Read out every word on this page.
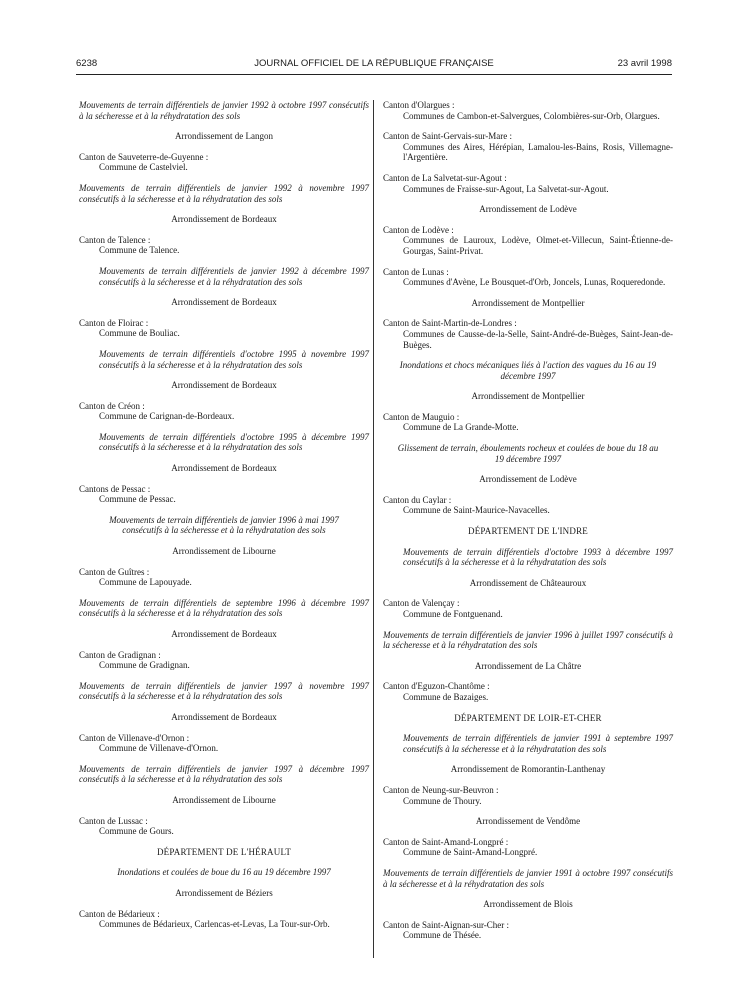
6238	JOURNAL OFFICIEL DE LA RÉPUBLIQUE FRANÇAISE	23 avril 1998

Mouvements de terrain différentiels de janvier 1992 à octobre 1997 consécutifs à la sécheresse et à la réhydratation des sols

Arrondissement de Langon

Canton de Sauveterre-de-Guyenne :

Commune de Castelviel.

Mouvements de terrain différentiels de janvier 1992 à novembre 1997 consécutifs à la sécheresse et à la réhydratation des sols

Arrondissement de Bordeaux

Canton de Talence :

Commune de Talence.

Mouvements de terrain différentiels de janvier 1992 à décembre 1997 consécutifs à la sécheresse et à la réhydratation des sols

Arrondissement de Bordeaux

Canton de Floirac :

Commune de Bouliac.

Mouvements de terrain différentiels d'octobre 1995 à novembre 1997 consécutifs à la sécheresse et à la réhydratation des sols

Arrondissement de Bordeaux

Canton de Créon :

Commune de Carignan-de-Bordeaux.

Mouvements de terrain différentiels d'octobre 1995 à décembre 1997 consécutifs à la sécheresse et à la réhydratation des sols

Arrondissement de Bordeaux

Cantons de Pessac :

Commune de Pessac.

Mouvements de terrain différentiels de janvier 1996 à mai 1997 consécutifs à la sécheresse et à la réhydratation des sols

Arrondissement de Libourne

Canton de Guîtres :

Commune de Lapouyade.

Mouvements de terrain différentiels de septembre 1996 à décembre 1997 consécutifs à la sécheresse et à la réhydratation des sols

Arrondissement de Bordeaux

Canton de Gradignan :

Commune de Gradignan.

Mouvements de terrain différentiels de janvier 1997 à novembre 1997 consécutifs à la sécheresse et à la réhydratation des sols

Arrondissement de Bordeaux

Canton de Villenave-d'Ornon :

Commune de Villenave-d'Ornon.

Mouvements de terrain différentiels de janvier 1997 à décembre 1997 consécutifs à la sécheresse et à la réhydratation des sols

Arrondissement de Libourne

Canton de Lussac :

Commune de Gours.

DÉPARTEMENT DE L'HÉRAULT

Inondations et coulées de boue du 16 au 19 décembre 1997

Arrondissement de Béziers

Canton de Bédarieux :

Communes de Bédarieux, Carlencas-et-Levas, La Tour-sur-Orb.

Canton d'Olargues :

Communes de Cambon-et-Salvergues, Colombières-sur-Orb, Olargues.

Canton de Saint-Gervais-sur-Mare :

Communes des Aires, Hérépian, Lamalou-les-Bains, Rosis, Villemagne-l'Argentière.

Canton de La Salvetat-sur-Agout :

Communes de Fraisse-sur-Agout, La Salvetat-sur-Agout.

Arrondissement de Lodève

Canton de Lodève :

Communes de Lauroux, Lodève, Olmet-et-Villecun, Saint-Étienne-de-Gourgas, Saint-Privat.

Canton de Lunas :

Communes d'Avène, Le Bousquet-d'Orb, Joncels, Lunas, Roqueredonde.

Arrondissement de Montpellier

Canton de Saint-Martin-de-Londres :

Communes de Causse-de-la-Selle, Saint-André-de-Buèges, Saint-Jean-de-Buèges.

Inondations et chocs mécaniques liés à l'action des vagues du 16 au 19 décembre 1997

Arrondissement de Montpellier

Canton de Mauguio :

Commune de La Grande-Motte.

Glissement de terrain, éboulements rocheux et coulées de boue du 18 au 19 décembre 1997

Arrondissement de Lodève

Canton du Caylar :

Commune de Saint-Maurice-Navacelles.

DÉPARTEMENT DE L'INDRE

Mouvements de terrain différentiels d'octobre 1993 à décembre 1997 consécutifs à la sécheresse et à la réhydratation des sols

Arrondissement de Châteauroux

Canton de Valençay :

Commune de Fontguenand.

Mouvements de terrain différentiels de janvier 1996 à juillet 1997 consécutifs à la sécheresse et à la réhydratation des sols

Arrondissement de La Châtre

Canton d'Eguzon-Chantôme :

Commune de Bazaiges.

DÉPARTEMENT DE LOIR-ET-CHER

Mouvements de terrain différentiels de janvier 1991 à septembre 1997 consécutifs à la sécheresse et à la réhydratation des sols

Arrondissement de Romorantin-Lanthenay

Canton de Neung-sur-Beuvron :

Commune de Thoury.

Arrondissement de Vendôme

Canton de Saint-Amand-Longpré :

Commune de Saint-Amand-Longpré.

Mouvements de terrain différentiels de janvier 1991 à octobre 1997 consécutifs à la sécheresse et à la réhydratation des sols

Arrondissement de Blois

Canton de Saint-Aignan-sur-Cher :

Commune de Thésée.
